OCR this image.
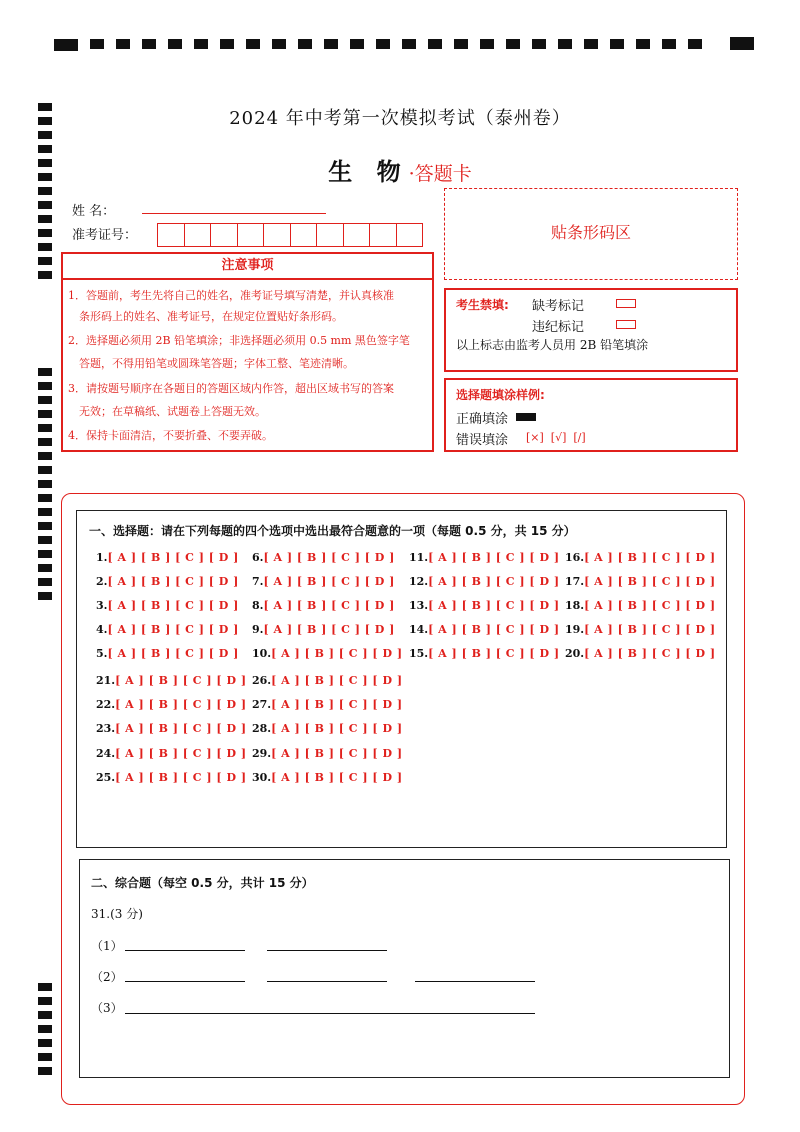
2024 年中考第一次模拟考试（泰州卷）
生 物·答题卡
姓 名：
准考证号：
注意事项
1．答题前，考生先将自己的姓名，准考证号填写清楚，并认真核准
条形码上的姓名、准考证号，在规定位置贴好条形码。
2．选择题必须用 2B 铅笔填涂；非选择题必须用 0.5 mm 黑色签字笔
答题，不得用铅笔或圆珠笔答题；字体工整、笔迹清晰。
3．请按题号顺序在各题目的答题区域内作答，超出区域书写的答案
无效；在草稿纸、试题卷上答题无效。
4．保持卡面清洁，不要折叠、不要弄破。
贴条形码区
考生禁填: 缺考标记
违纪标记
以上标志由监考人员用 2B 铅笔填涂
选择题填涂样例:
正确填涂
错误填涂 [×]  [√]  [/]
一、选择题：请在下列每题的四个选项中选出最符合题意的一项（每题 0.5 分，共 15 分）
1.[ A ] [ B ] [ C ] [ D ]
2.[ A ] [ B ] [ C ] [ D ]
3.[ A ] [ B ] [ C ] [ D ]
4.[ A ] [ B ] [ C ] [ D ]
5.[ A ] [ B ] [ C ] [ D ]
6.[ A ] [ B ] [ C ] [ D ]
7.[ A ] [ B ] [ C ] [ D ]
8.[ A ] [ B ] [ C ] [ D ]
9.[ A ] [ B ] [ C ] [ D ]
10.[ A ] [ B ] [ C ] [ D ]
11.[ A ] [ B ] [ C ] [ D ]
12.[ A ] [ B ] [ C ] [ D ]
13.[ A ] [ B ] [ C ] [ D ]
14.[ A ] [ B ] [ C ] [ D ]
15.[ A ] [ B ] [ C ] [ D ]
16.[ A ] [ B ] [ C ] [ D ]
17.[ A ] [ B ] [ C ] [ D ]
18.[ A ] [ B ] [ C ] [ D ]
19.[ A ] [ B ] [ C ] [ D ]
20.[ A ] [ B ] [ C ] [ D ]
21.[ A ] [ B ] [ C ] [ D ]
22.[ A ] [ B ] [ C ] [ D ]
23.[ A ] [ B ] [ C ] [ D ]
24.[ A ] [ B ] [ C ] [ D ]
25.[ A ] [ B ] [ C ] [ D ]
26.[ A ] [ B ] [ C ] [ D ]
27.[ A ] [ B ] [ C ] [ D ]
28.[ A ] [ B ] [ C ] [ D ]
29.[ A ] [ B ] [ C ] [ D ]
30.[ A ] [ B ] [ C ] [ D ]
二、综合题（每空 0.5 分，共计 15 分）
31.(3 分)
（1）
（2）
（3）
